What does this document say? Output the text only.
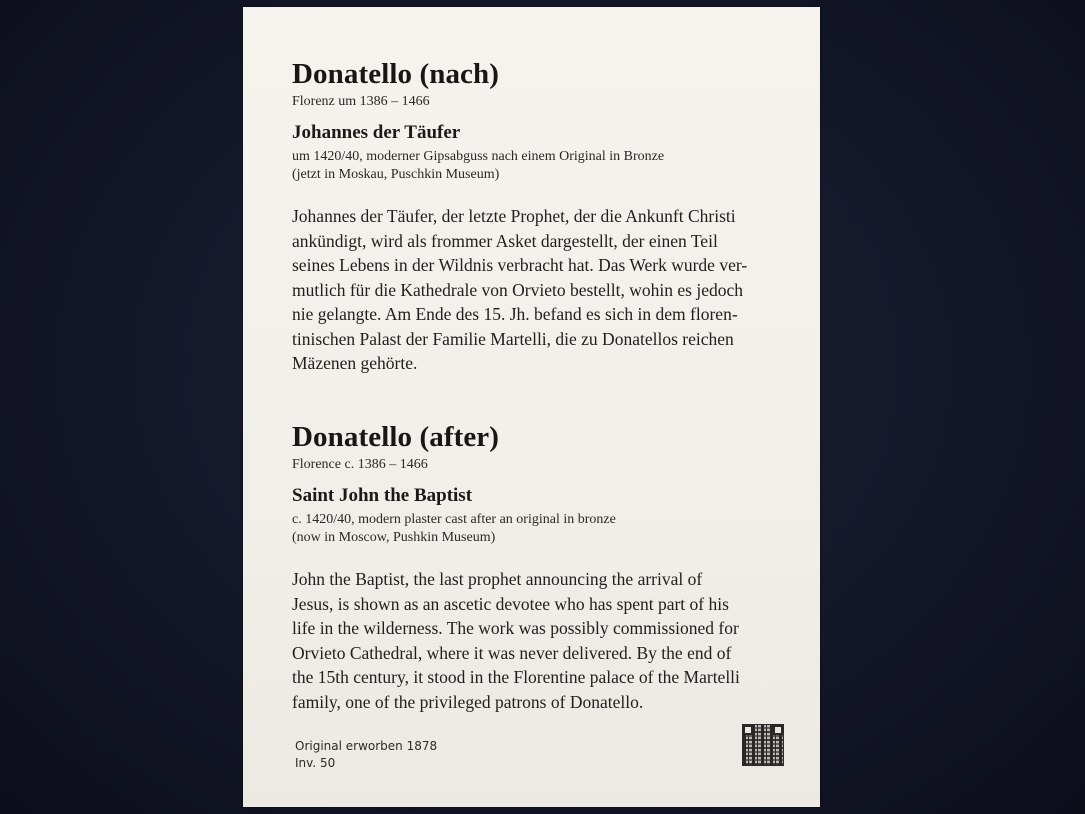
Donatello (nach)

Florenz um 1386 – 1466

Johannes der Täufer

um 1420/40, moderner Gipsabguss nach einem Original in Bronze
(jetzt in Moskau, Puschkin Museum)

Johannes der Täufer, der letzte Prophet, der die Ankunft Christi
ankündigt, wird als frommer Asket dargestellt, der einen Teil
seines Lebens in der Wildnis verbracht hat. Das Werk wurde ver-
mutlich für die Kathedrale von Orvieto bestellt, wohin es jedoch
nie gelangte. Am Ende des 15. Jh. befand es sich in dem floren-
tinischen Palast der Familie Martelli, die zu Donatellos reichen
Mäzenen gehörte.

Donatello (after)

Florence c. 1386 – 1466

Saint John the Baptist

c. 1420/40, modern plaster cast after an original in bronze
(now in Moscow, Pushkin Museum)

John the Baptist, the last prophet announcing the arrival of
Jesus, is shown as an ascetic devotee who has spent part of his
life in the wilderness. The work was possibly commissioned for
Orvieto Cathedral, where it was never delivered. By the end of
the 15th century, it stood in the Florentine palace of the Martelli
family, one of the privileged patrons of Donatello.

Original erworben 1878
Inv. 50
